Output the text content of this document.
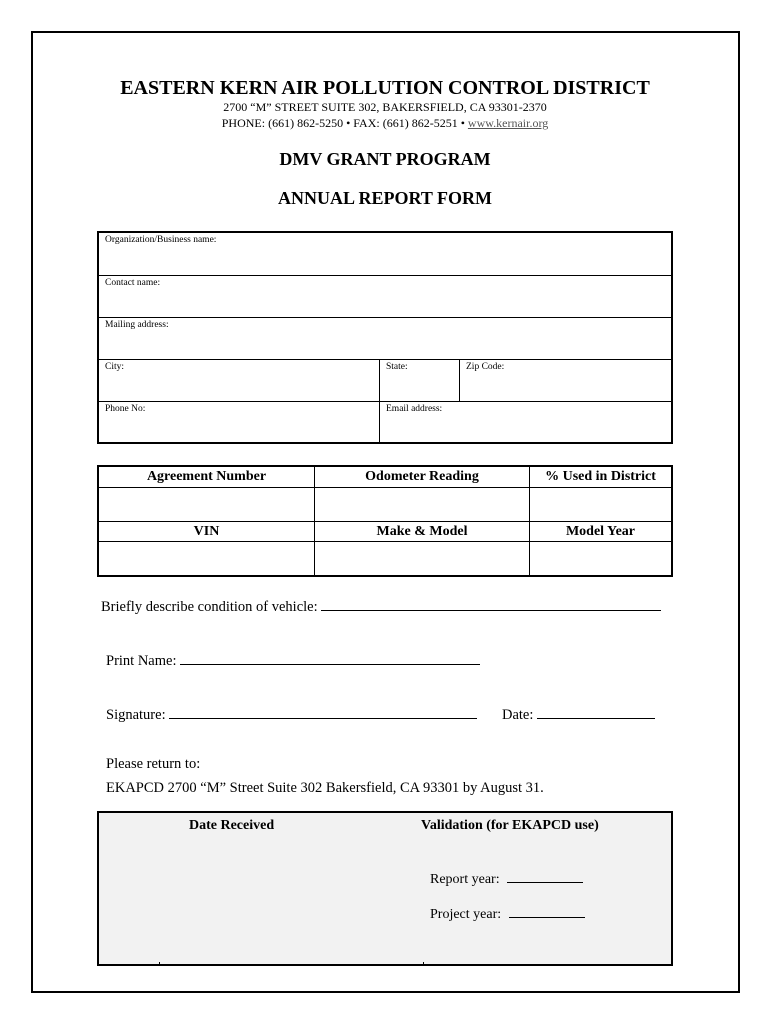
EASTERN KERN AIR POLLUTION CONTROL DISTRICT
2700 “M” STREET SUITE 302, BAKERSFIELD, CA 93301-2370
PHONE: (661) 862-5250 • FAX: (661) 862-5251 • www.kernair.org
DMV GRANT PROGRAM
ANNUAL REPORT FORM
Organization/Business name:
Contact name:
Mailing address:
City:	State:	Zip Code:
Phone No:	Email address:
Agreement Number	Odometer Reading	% Used in District
VIN	Make & Model	Model Year
Briefly describe condition of vehicle:
Print Name:
Signature:	Date:
Please return to:
EKAPCD 2700 “M” Street Suite 302 Bakersfield, CA 93301 by August 31.
Date Received	Validation (for EKAPCD use)
Report year:
Project year:
